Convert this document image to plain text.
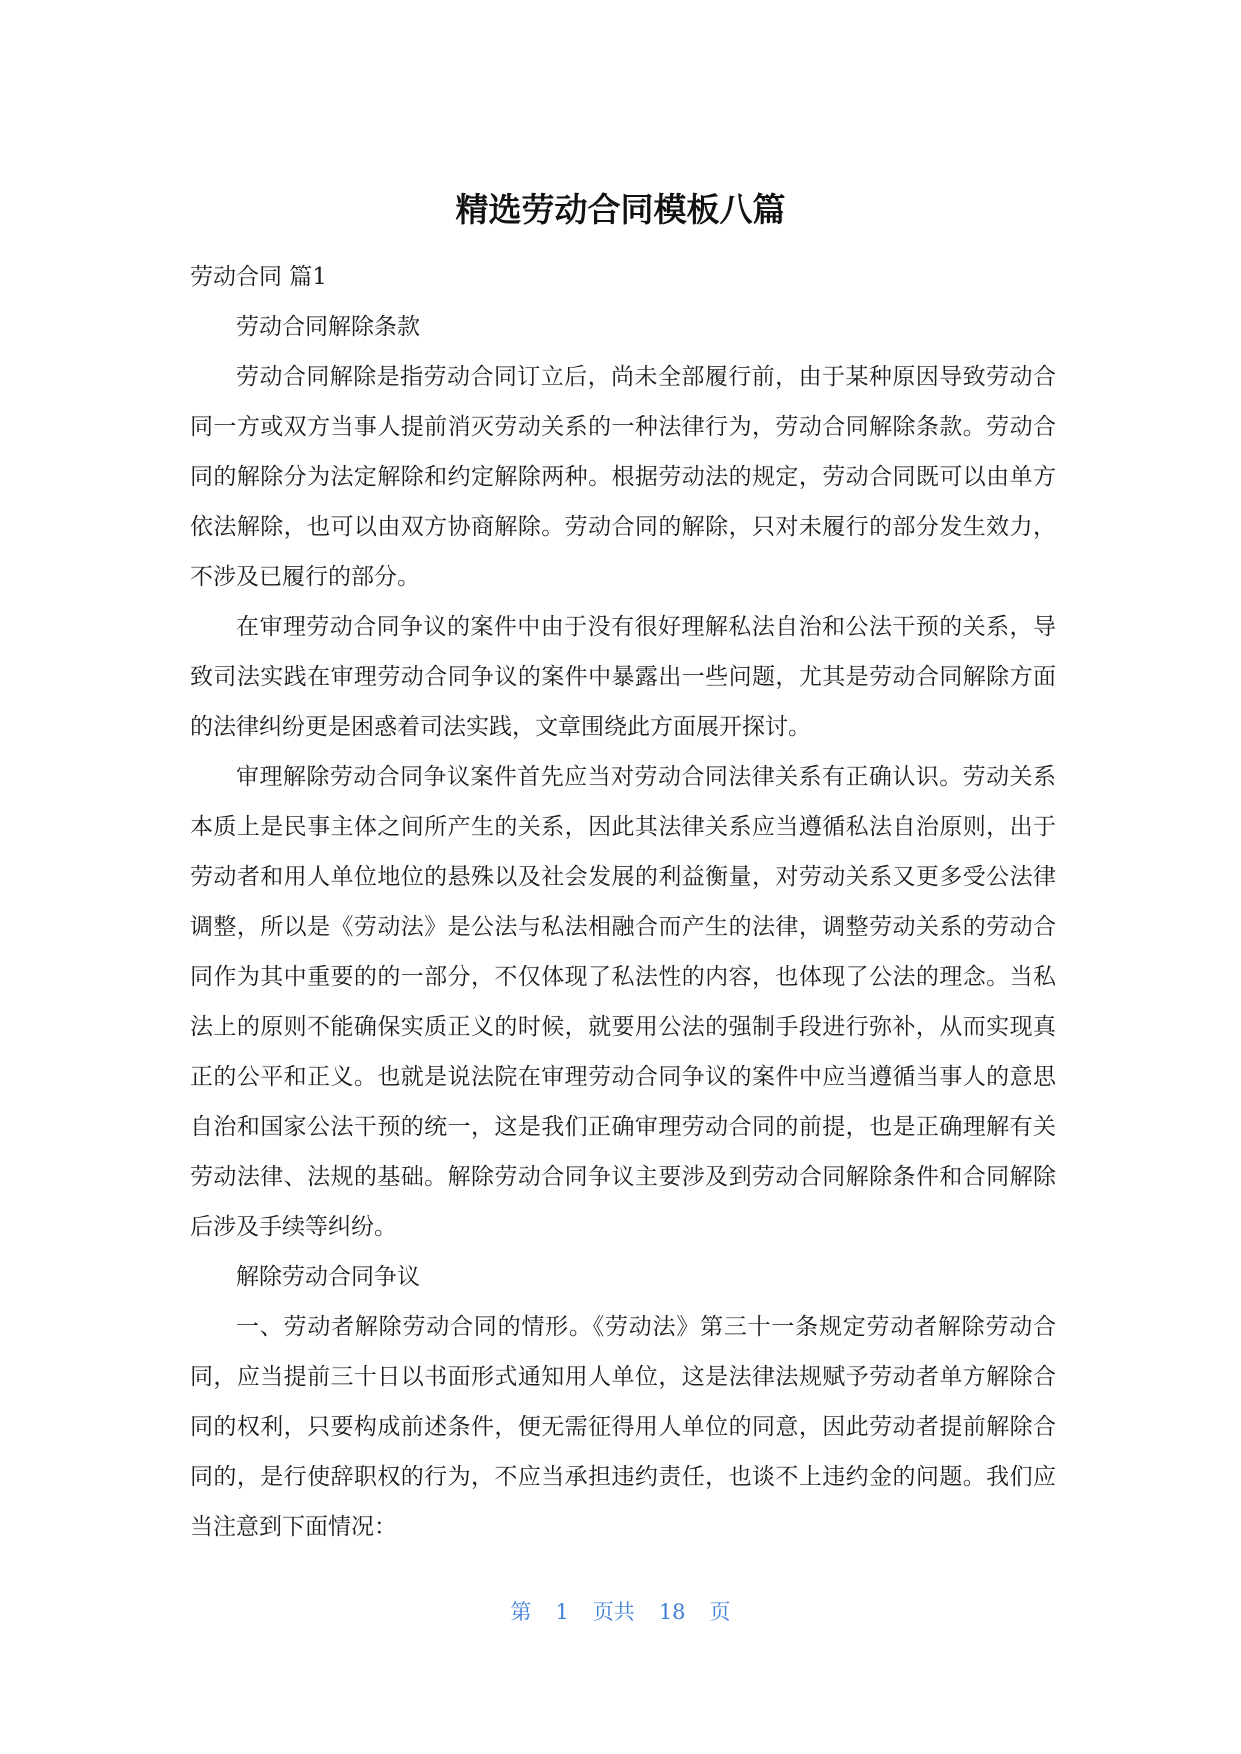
精选劳动合同模板八篇

劳动合同 篇1

劳动合同解除条款

劳动合同解除是指劳动合同订立后，尚未全部履行前，由于某种原因导致劳动合同一方或双方当事人提前消灭劳动关系的一种法律行为，劳动合同解除条款。劳动合同的解除分为法定解除和约定解除两种。根据劳动法的规定，劳动合同既可以由单方依法解除，也可以由双方协商解除。劳动合同的解除，只对未履行的部分发生效力，不涉及已履行的部分。

在审理劳动合同争议的案件中由于没有很好理解私法自治和公法干预的关系，导致司法实践在审理劳动合同争议的案件中暴露出一些问题，尤其是劳动合同解除方面的法律纠纷更是困惑着司法实践，文章围绕此方面展开探讨。

审理解除劳动合同争议案件首先应当对劳动合同法律关系有正确认识。劳动关系本质上是民事主体之间所产生的关系，因此其法律关系应当遵循私法自治原则，出于劳动者和用人单位地位的悬殊以及社会发展的利益衡量，对劳动关系又更多受公法律调整，所以是《劳动法》是公法与私法相融合而产生的法律，调整劳动关系的劳动合同作为其中重要的的一部分，不仅体现了私法性的内容，也体现了公法的理念。当私法上的原则不能确保实质正义的时候，就要用公法的强制手段进行弥补，从而实现真正的公平和正义。也就是说法院在审理劳动合同争议的案件中应当遵循当事人的意思自治和国家公法干预的统一，这是我们正确审理劳动合同的前提，也是正确理解有关劳动法律、法规的基础。解除劳动合同争议主要涉及到劳动合同解除条件和合同解除后涉及手续等纠纷。

解除劳动合同争议

一、劳动者解除劳动合同的情形。《劳动法》第三十一条规定劳动者解除劳动合同，应当提前三十日以书面形式通知用人单位，这是法律法规赋予劳动者单方解除合同的权利，只要构成前述条件，便无需征得用人单位的同意，因此劳动者提前解除合同的，是行使辞职权的行为，不应当承担违约责任，也谈不上违约金的问题。我们应当注意到下面情况：

第 1 页共 18 页
